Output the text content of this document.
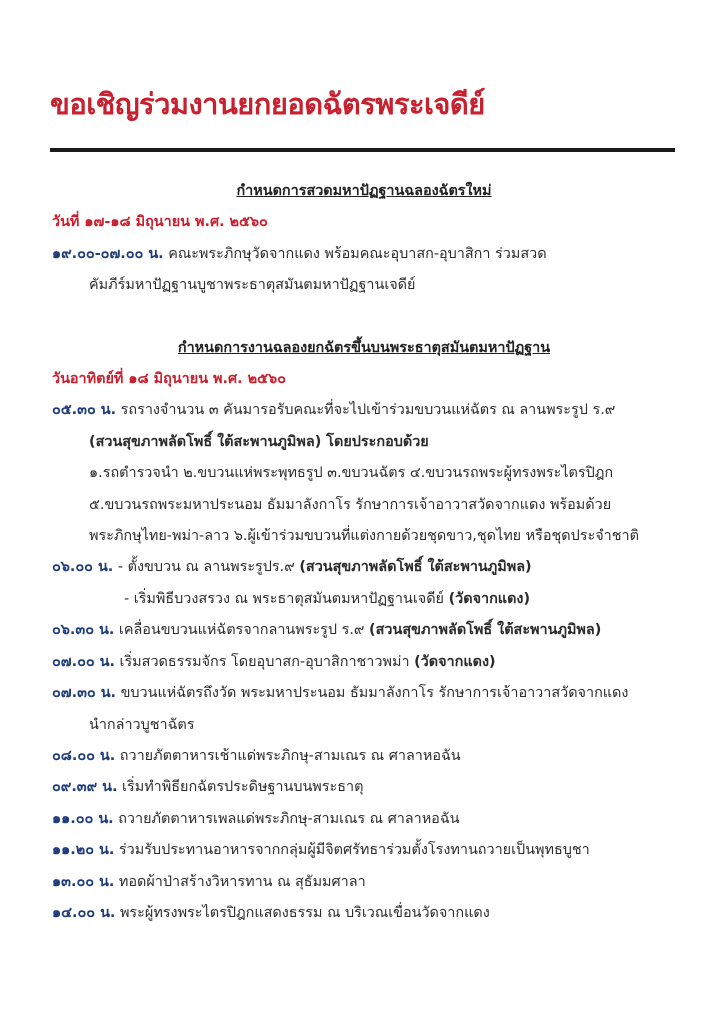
ขอเชิญร่วมงานยกยอดฉัตรพระเจดีย์
กำหนดการสวดมหาปัฏฐานฉลองฉัตรใหม่
วันที่ ๑๗-๑๘ มิถุนายน พ.ศ. ๒๕๖๐
๑๙.๐๐-๐๗.๐๐ น. คณะพระภิกษุวัดจากแดง พร้อมคณะอุบาสก-อุบาสิกา ร่วมสวด
คัมภีร์มหาปัฏฐานบูชาพระธาตุสมันตมหาปัฏฐานเจดีย์
กำหนดการงานฉลองยกฉัตรขึ้นบนพระธาตุสมันตมหาปัฏฐาน
วันอาทิตย์ที่ ๑๘ มิถุนายน พ.ศ. ๒๕๖๐
๐๕.๓๐ น. รถรางจำนวน ๓ คันมารอรับคณะที่จะไปเข้าร่วมขบวนแห่ฉัตร ณ ลานพระรูป ร.๙
(สวนสุขภาพลัดโพธิ์ ใต้สะพานภูมิพล) โดยประกอบด้วย
๑.รถตำรวจนำ ๒.ขบวนแห่พระพุทธรูป ๓.ขบวนฉัตร ๔.ขบวนรถพระผู้ทรงพระไตรปิฎก
๕.ขบวนรถพระมหาประนอม ธัมมาลังกาโร รักษาการเจ้าอาวาสวัดจากแดง พร้อมด้วย
พระภิกษุไทย-พม่า-ลาว ๖.ผู้เข้าร่วมขบวนที่แต่งกายด้วยชุดขาว,ชุดไทย หรือชุดประจำชาติ
๐๖.๐๐ น. - ตั้งขบวน ณ ลานพระรูปร.๙ (สวนสุขภาพลัดโพธิ์ ใต้สะพานภูมิพล)
- เริ่มพิธีบวงสรวง ณ พระธาตุสมันตมหาปัฏฐานเจดีย์ (วัดจากแดง)
๐๖.๓๐ น. เคลื่อนขบวนแห่ฉัตรจากลานพระรูป ร.๙ (สวนสุขภาพลัดโพธิ์ ใต้สะพานภูมิพล)
๐๗.๐๐ น. เริ่มสวดธรรมจักร โดยอุบาสก-อุบาสิกาชาวพม่า (วัดจากแดง)
๐๗.๓๐ น. ขบวนแห่ฉัตรถึงวัด พระมหาประนอม ธัมมาลังกาโร รักษาการเจ้าอาวาสวัดจากแดง
นำกล่าวบูชาฉัตร
๐๘.๐๐ น. ถวายภัตตาหารเช้าแด่พระภิกษุ-สามเณร ณ ศาลาหอฉัน
๐๙.๓๙ น. เริ่มทำพิธียกฉัตรประดิษฐานบนพระธาตุ
๑๑.๐๐ น. ถวายภัตตาหารเพลแด่พระภิกษุ-สามเณร ณ ศาลาหอฉัน
๑๑.๒๐ น. ร่วมรับประทานอาหารจากกลุ่มผู้มีจิตศรัทธาร่วมตั้งโรงทานถวายเป็นพุทธบูชา
๑๓.๐๐ น. ทอดผ้าป่าสร้างวิหารทาน ณ สุธัมมศาลา
๑๔.๐๐ น. พระผู้ทรงพระไตรปิฎกแสดงธรรม ณ บริเวณเขื่อนวัดจากแดง
